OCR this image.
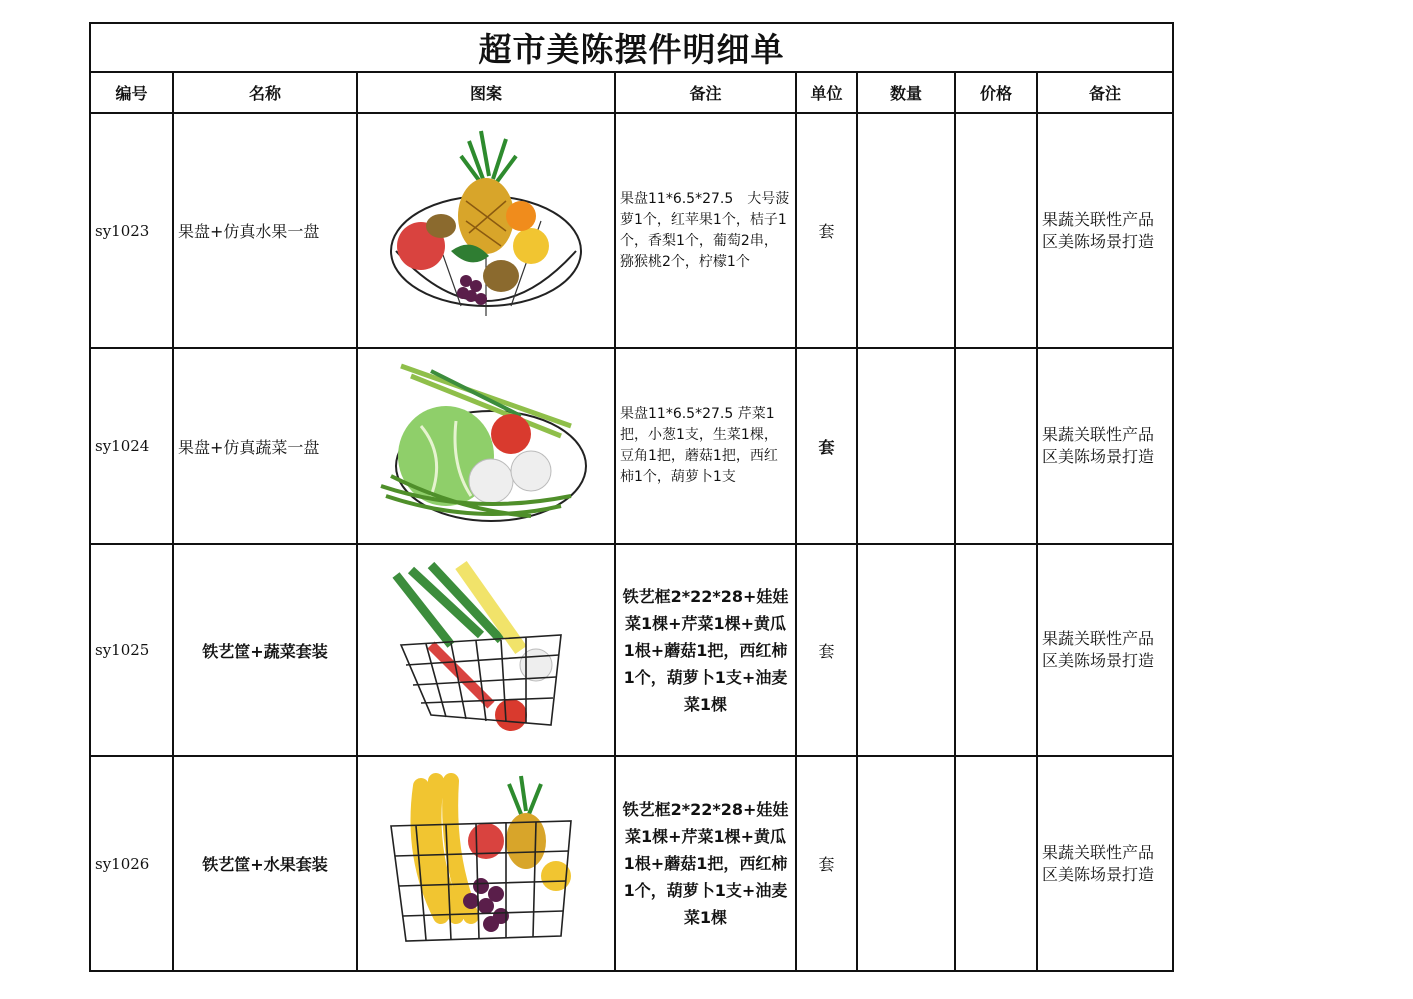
超市美陈摆件明细单							
编号	名称	图案	备注	单位	数量	价格	备注
sy1023	果盘+仿真水果一盘		果盘11*6.5*27.5　大号菠萝1个，红苹果1个，桔子1个，香梨1个，葡萄2串，猕猴桃2个，柠檬1个	套			果蔬关联性产品区美陈场景打造
sy1024	果盘+仿真蔬菜一盘		果盘11*6.5*27.5 芹菜1把，小葱1支，生菜1棵，豆角1把，蘑菇1把，西红柿1个，葫萝卜1支	套			果蔬关联性产品区美陈场景打造
sy1025	铁艺筐+蔬菜套装		铁艺框2*22*28+娃娃菜1棵+芹菜1棵+黄瓜1根+蘑菇1把，西红柿1个，葫萝卜1支+油麦菜1棵	套			果蔬关联性产品区美陈场景打造
sy1026	铁艺筐+水果套装		铁艺框2*22*28+娃娃菜1棵+芹菜1棵+黄瓜1根+蘑菇1把，西红柿1个，葫萝卜1支+油麦菜1棵	套			果蔬关联性产品区美陈场景打造
